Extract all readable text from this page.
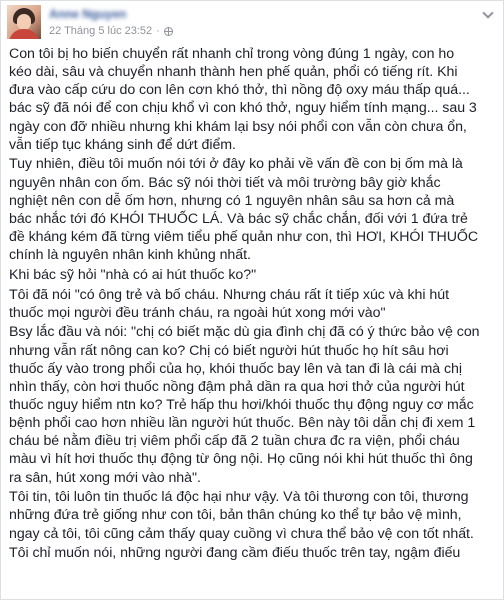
Anne Nguyen
22 Tháng 5 lúc 23:52 ·
Con tôi bị ho biến chuyển rất nhanh chỉ trong vòng đúng 1 ngày, con ho
kéo dài, sâu và chuyển nhanh thành hen phế quản, phổi có tiếng rít. Khi
đưa vào cấp cứu do con lên cơn khó thở, thì nồng độ oxy máu thấp quá...
bác sỹ đã nói để con chịu khổ vì con khó thở, nguy hiểm tính mạng... sau 3
ngày con đỡ nhiều nhưng khi khám lại bsy nói phổi con vẫn còn chưa ổn,
vẫn tiếp tục kháng sinh để dứt điểm.
Tuy nhiên, điều tôi muốn nói tới ở đây ko phải về vấn đề con bị ốm mà là
nguyên nhân con ốm. Bác sỹ nói thời tiết và môi trường bây giờ khắc
nghiệt nên con dễ ốm hơn, nhưng có 1 nguyên nhân sâu sa hơn cả mà
bác nhắc tới đó KHÓI THUỐC LÁ. Và bác sỹ chắc chắn, đối với 1 đứa trẻ
đề kháng kém đã từng viêm tiểu phế quản như con, thì HƠI, KHÓI THUỐC
chính là nguyên nhân kinh khủng nhất.
Khi bác sỹ hỏi "nhà có ai hút thuốc ko?"
Tôi đã nói "có ông trẻ và bố cháu. Nhưng cháu rất ít tiếp xúc và khi hút
thuốc mọi người đều tránh cháu, ra ngoài hút xong mới vào"
Bsy lắc đầu và nói: "chị có biết mặc dù gia đình chị đã có ý thức bảo vệ con
nhưng vẫn rất nông can ko? Chị có biết người hút thuốc họ hít sâu hơi
thuốc ấy vào trong phổi của họ, khói thuốc bay lên và tan đi là cái mà chị
nhìn thấy, còn hơi thuốc nồng đậm phả dần ra qua hơi thở của người hút
thuốc nguy hiểm ntn ko? Trẻ hấp thu hơi/khói thuốc thụ động nguy cơ mắc
bệnh phổi cao hơn nhiều lần người hút thuốc. Bên này tôi dẫn chị đi xem 1
cháu bé nằm điều trị viêm phổi cấp đã 2 tuần chưa đc ra viện, phổi cháu
màu vì hít hơi thuốc thụ động từ ông nội. Họ cũng nói khi hút thuốc thì ông
ra sân, hút xong mới vào nhà".
Tôi tin, tôi luôn tin thuốc lá độc hại như vậy. Và tôi thương con tôi, thương
những đứa trẻ giống như con tôi, bản thân chúng ko thể tự bảo vệ mình,
ngay cả tôi, tôi cũng cảm thấy quay cuồng vì chưa thể bảo vệ con tốt nhất.
Tôi chỉ muốn nói, những người đang cầm điếu thuốc trên tay, ngậm điếu
